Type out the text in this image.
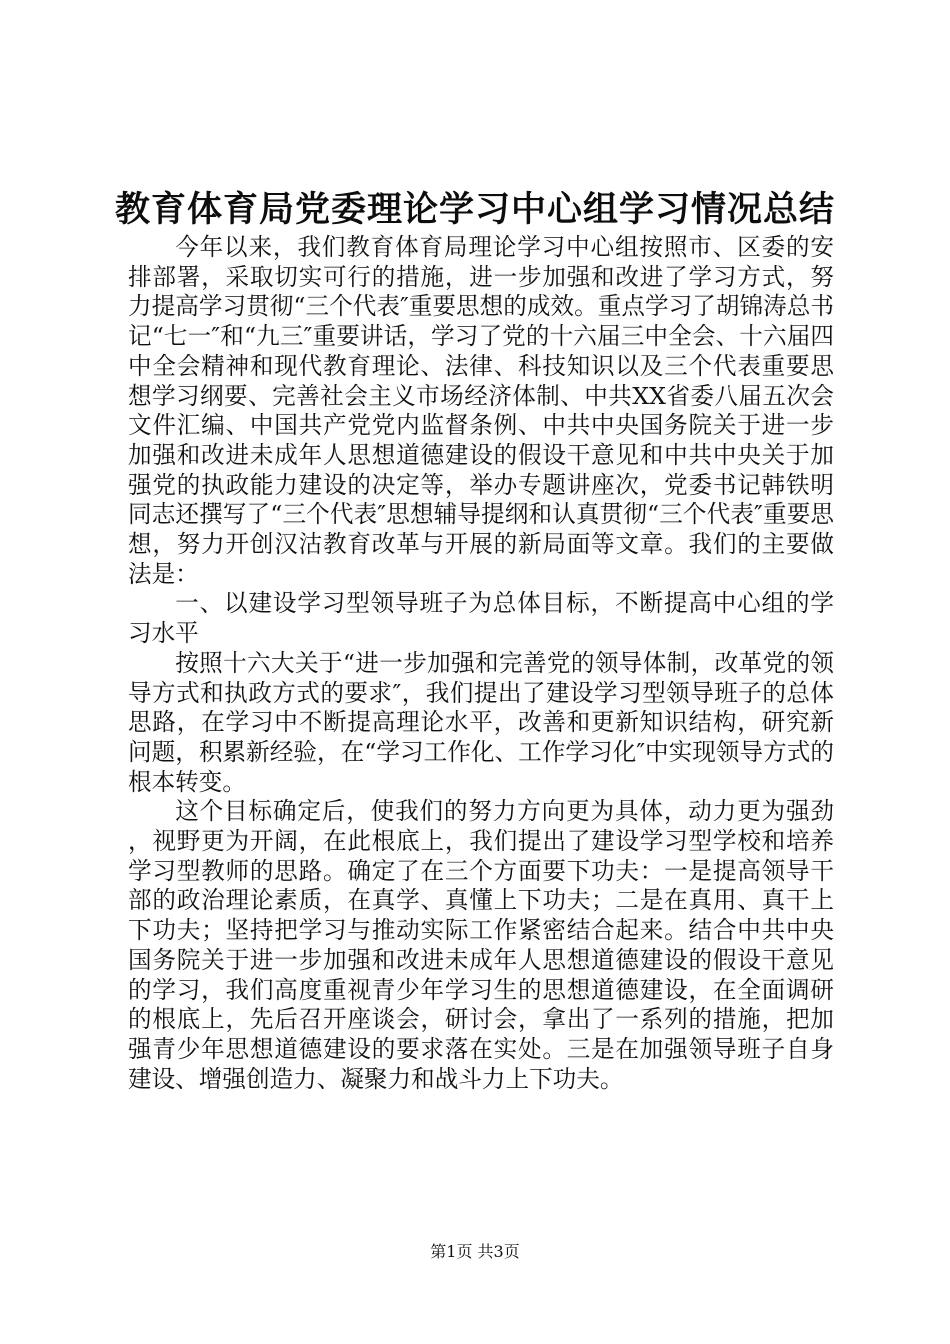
教育体育局党委理论学习中心组学习情况总结

今年以来，我们教育体育局理论学习中心组按照市、区委的安排部署，采取切实可行的措施，进一步加强和改进了学习方式，努力提高学习贯彻“三个代表″重要思想的成效。重点学习了胡锦涛总书记“七一″和“九三″重要讲话，学习了党的十六届三中全会、十六届四中全会精神和现代教育理论、法律、科技知识以及三个代表重要思想学习纲要、完善社会主义市场经济体制、中共XX省委八届五次会文件汇编、中国共产党党内监督条例、中共中央国务院关于进一步加强和改进未成年人思想道德建设的假设干意见和中共中央关于加强党的执政能力建设的决定等，举办专题讲座次，党委书记韩铁明同志还撰写了“三个代表″思想辅导提纲和认真贯彻“三个代表″重要思想，努力开创汉沽教育改革与开展的新局面等文章。我们的主要做法是：

一、以建设学习型领导班子为总体目标，不断提高中心组的学习水平

按照十六大关于“进一步加强和完善党的领导体制，改革党的领导方式和执政方式的要求″，我们提出了建设学习型领导班子的总体思路，在学习中不断提高理论水平，改善和更新知识结构，研究新问题，积累新经验，在“学习工作化、工作学习化″中实现领导方式的根本转变。

这个目标确定后，使我们的努力方向更为具体，动力更为强劲，视野更为开阔，在此根底上，我们提出了建设学习型学校和培养学习型教师的思路。确定了在三个方面要下功夫：一是提高领导干部的政治理论素质，在真学、真懂上下功夫；二是在真用、真干上下功夫；坚持把学习与推动实际工作紧密结合起来。结合中共中央国务院关于进一步加强和改进未成年人思想道德建设的假设干意见的学习，我们高度重视青少年学习生的思想道德建设，在全面调研的根底上，先后召开座谈会，研讨会，拿出了一系列的措施，把加强青少年思想道德建设的要求落在实处。三是在加强领导班子自身建设、增强创造力、凝聚力和战斗力上下功夫。

第1页 共3页
